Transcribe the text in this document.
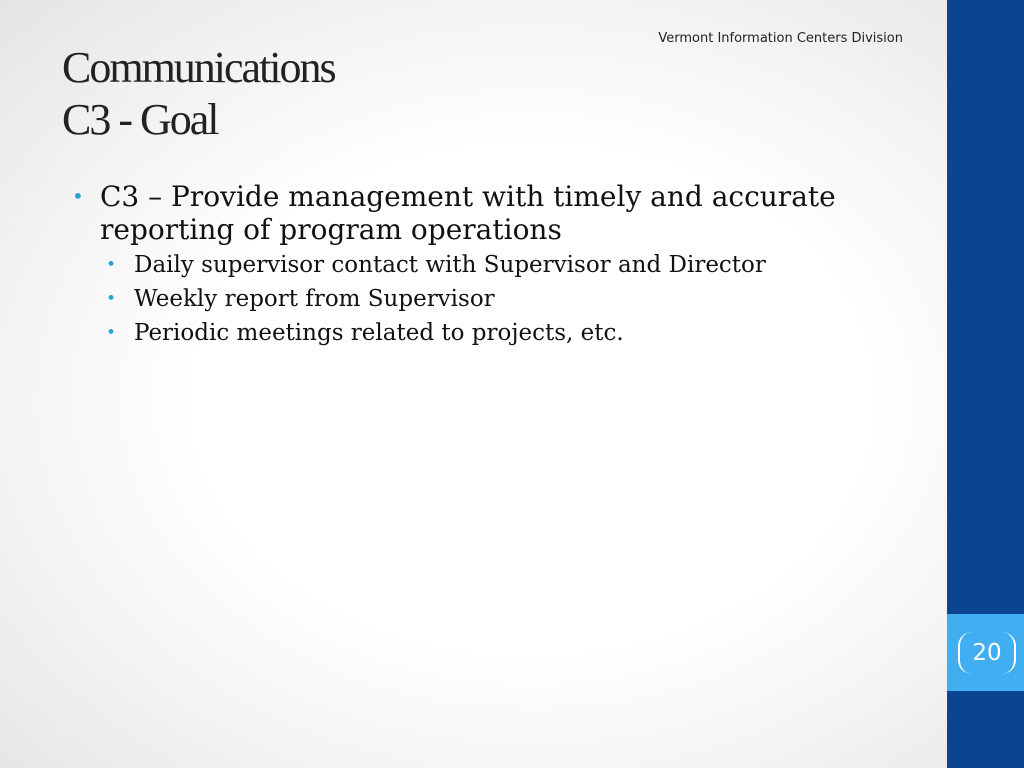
Vermont Information Centers Division
Communications
C3 - Goal
• C3 – Provide management with timely and accurate reporting of program operations
• Daily supervisor contact with Supervisor and Director
• Weekly report from Supervisor
• Periodic meetings related to projects, etc.
20
